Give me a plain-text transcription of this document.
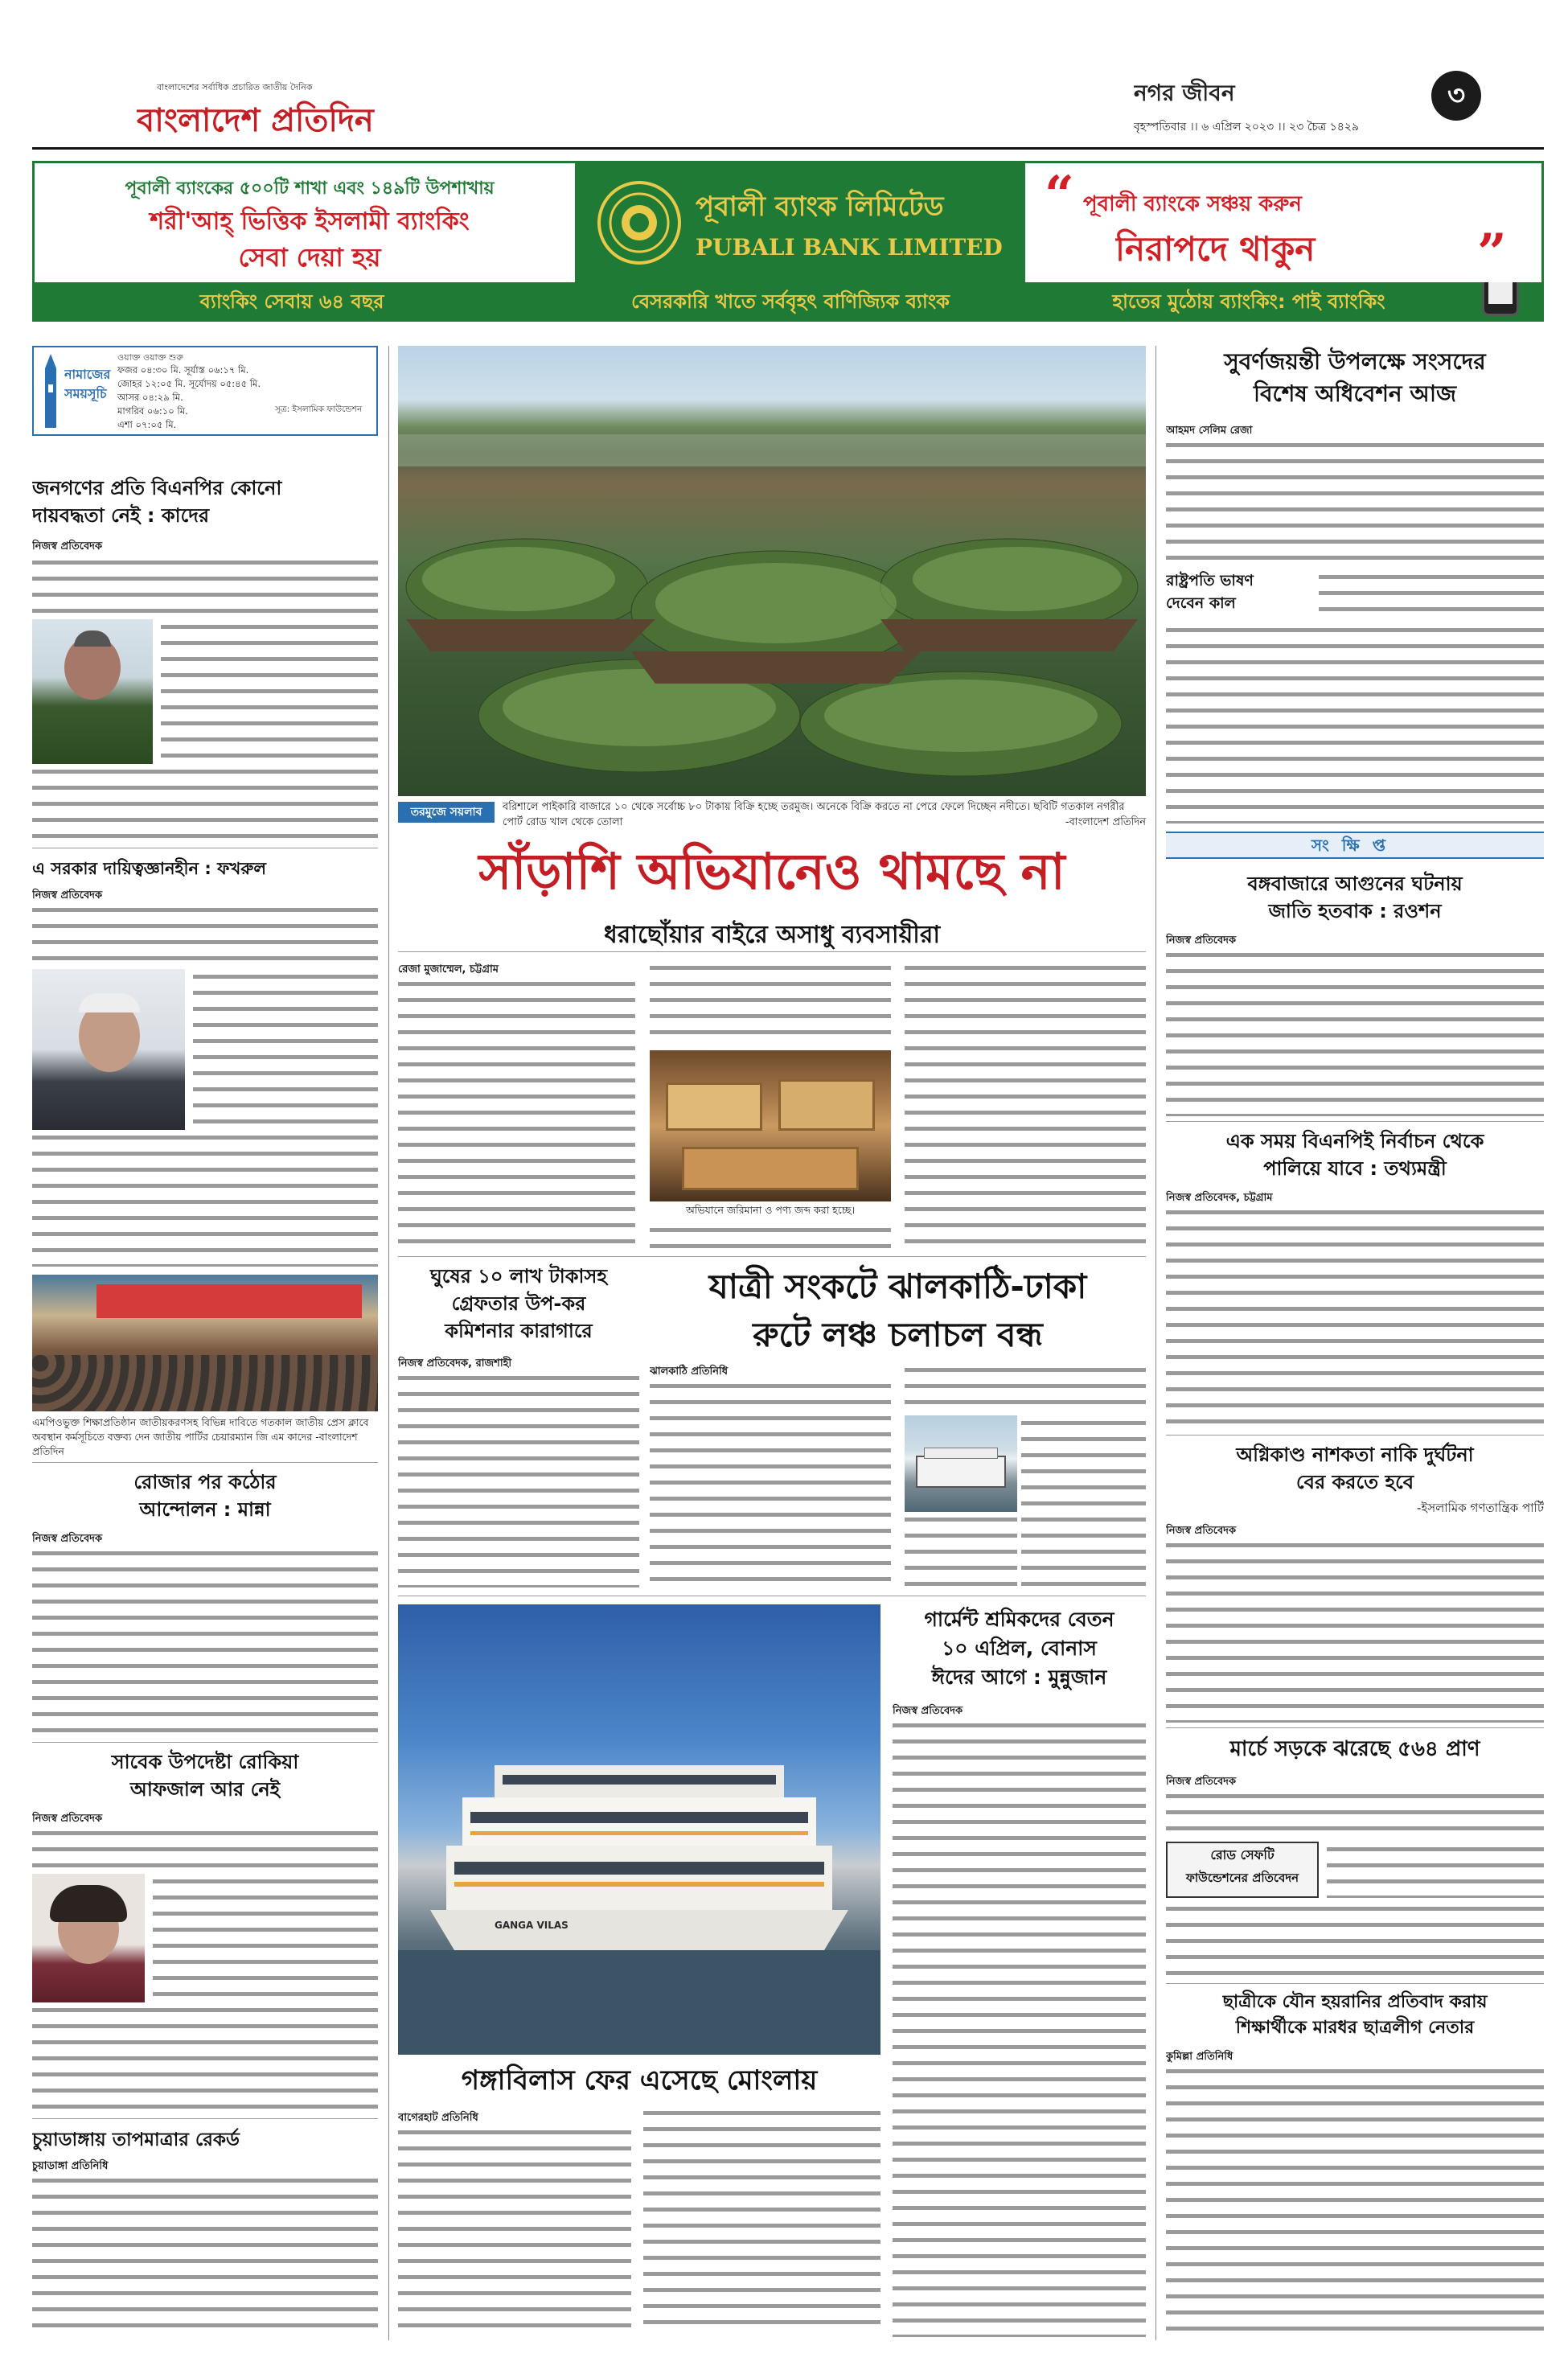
বাংলাদেশের সর্বাধিক প্রচারিত জাতীয় দৈনিক
বাংলাদেশ প্রতিদিন
নগর জীবন	৩
বৃহস্পতিবার ।। ৬ এপ্রিল ২০২৩ ।। ২৩ চৈত্র ১৪২৯
পূবালী ব্যাংকের ৫০০টি শাখা এবং ১৪৯টি উপশাখায়
শরী'আহ্ ভিত্তিক ইসলামী ব্যাংকিং
সেবা দেয়া হয়
পূবালী ব্যাংক লিমিটেড
PUBALI BANK LIMITED
“ পূবালী ব্যাংকে সঞ্চয় করুন
নিরাপদে থাকুন	”
ব্যাংকিং সেবায় ৬৪ বছর	বেসরকারি খাতে সর্ববৃহৎ বাণিজ্যিক ব্যাংক	হাতের মুঠোয় ব্যাংকিং: পাই ব্যাংকিং
নামাজের
সময়সূচি
ওয়াক্ত ওয়াক্ত শুরু
ফজর ০৪:৩০ মি. সূর্যাস্ত ০৬:১৭ মি.
জোহর ১২:০৫ মি. সূর্যোদয় ০৫:৪৫ মি.
আসর ০৪:২৯ মি.
মাগরিব ০৬:১০ মি.
এশা ০৭:০৫ মি.
সূত্র: ইসলামিক ফাউন্ডেশন
জনগণের প্রতি বিএনপির কোনো
দায়বদ্ধতা নেই : কাদের
নিজস্ব প্রতিবেদক
এ সরকার দায়িত্বজ্ঞানহীন : ফখরুল
নিজস্ব প্রতিবেদক
এমপিওভুক্ত শিক্ষাপ্রতিষ্ঠান জাতীয়করণসহ বিভিন্ন দাবিতে গতকাল জাতীয় প্রেস ক্লাবে অবস্থান কর্মসূচিতে বক্তব্য দেন জাতীয় পার্টির চেয়ারম্যান জি এম কাদের -বাংলাদেশ প্রতিদিন
রোজার পর কঠোর
আন্দোলন : মান্না
নিজস্ব প্রতিবেদক
সাবেক উপদেষ্টা রোকিয়া
আফজাল আর নেই
নিজস্ব প্রতিবেদক
চুয়াডাঙ্গায় তাপমাত্রার রেকর্ড
চুয়াডাঙ্গা প্রতিনিধি
তরমুজে সয়লাব	বরিশালে পাইকারি বাজারে ১০ থেকে সর্বোচ্চ ৮০ টাকায় বিক্রি হচ্ছে তরমুজ। অনেকে বিক্রি করতে না পেরে ফেলে দিচ্ছেন নদীতে। ছবিটি গতকাল নগরীর পোর্ট রোড খাল থেকে তোলা	-বাংলাদেশ প্রতিদিন
সাঁড়াশি অভিযানেও থামছে না
ধরাছোঁয়ার বাইরে অসাধু ব্যবসায়ীরা
রেজা মুজাম্মেল, চট্টগ্রাম
অভিযানে জরিমানা ও পণ্য জব্দ করা হচ্ছে।
ঘুষের ১০ লাখ টাকাসহ
গ্রেফতার উপ-কর
কমিশনার কারাগারে
নিজস্ব প্রতিবেদক, রাজশাহী
যাত্রী সংকটে ঝালকাঠি-ঢাকা
রুটে লঞ্চ চলাচল বন্ধ
ঝালকাঠি প্রতিনিধি
GANGA VILAS
গার্মেন্ট শ্রমিকদের বেতন
১০ এপ্রিল, বোনাস
ঈদের আগে : মুন্নুজান
নিজস্ব প্রতিবেদক
গঙ্গাবিলাস ফের এসেছে মোংলায়
বাগেরহাট প্রতিনিধি
সুবর্ণজয়ন্তী উপলক্ষে সংসদের
বিশেষ অধিবেশন আজ
আহমদ সেলিম রেজা
রাষ্ট্রপতি ভাষণ
দেবেন কাল
সংক্ষিপ্ত
বঙ্গবাজারে আগুনের ঘটনায়
জাতি হতবাক : রওশন
নিজস্ব প্রতিবেদক
এক সময় বিএনপিই নির্বাচন থেকে
পালিয়ে যাবে : তথ্যমন্ত্রী
নিজস্ব প্রতিবেদক, চট্টগ্রাম
অগ্নিকাণ্ড নাশকতা নাকি দুর্ঘটনা
বের করতে হবে
-ইসলামিক গণতান্ত্রিক পার্টি
নিজস্ব প্রতিবেদক
মার্চে সড়কে ঝরেছে ৫৬৪ প্রাণ
নিজস্ব প্রতিবেদক
রোড সেফটি
ফাউন্ডেশনের প্রতিবেদন
ছাত্রীকে যৌন হয়রানির প্রতিবাদ করায়
শিক্ষার্থীকে মারধর ছাত্রলীগ নেতার
কুমিল্লা প্রতিনিধি
